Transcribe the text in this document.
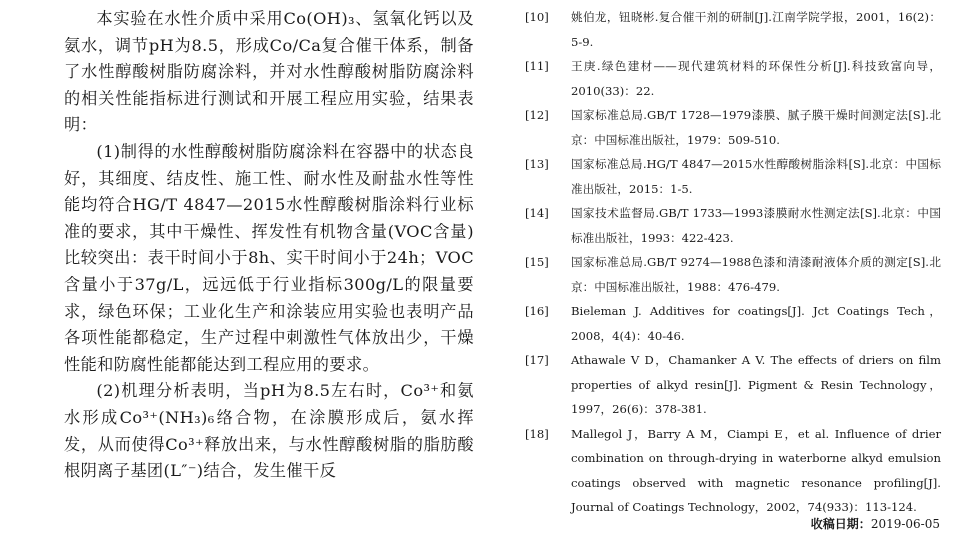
本实验在水性介质中采用Co(OH)₃、氢氧化钙以及氨水，调节pH为8.5，形成Co/Ca复合催干体系，制备了水性醇酸树脂防腐涂料，并对水性醇酸树脂防腐涂料的相关性能指标进行测试和开展工程应用实验，结果表明：

(1)制得的水性醇酸树脂防腐涂料在容器中的状态良好，其细度、结皮性、施工性、耐水性及耐盐水性等性能均符合HG/T 4847—2015水性醇酸树脂涂料行业标准的要求，其中干燥性、挥发性有机物含量(VOC含量)比较突出：表干时间小于8h、实干时间小于24h；VOC含量小于37g/L，远远低于行业指标300g/L的限量要求，绿色环保；工业化生产和涂装应用实验也表明产品各项性能都稳定，生产过程中刺激性气体放出少，干燥性能和防腐性能都能达到工程应用的要求。

(2)机理分析表明，当pH为8.5左右时，Co³⁺和氨水形成Co³⁺(NH₃)₆络合物，在涂膜形成后，氨水挥发，从而使得Co³⁺释放出来，与水性醇酸树脂的脂肪酸根阴离子基团(L″⁻)结合，发生催干反

[10]	姚伯龙，钮晓彬.复合催干剂的研制[J].江南学院学报，2001，16(2)：5-9.
[11]	王庚.绿色建材——现代建筑材料的环保性分析[J].科技致富向导，2010(33)：22.
[12]	国家标准总局.GB/T 1728—1979漆膜、腻子膜干燥时间测定法[S].北京：中国标准出版社，1979：509-510.
[13]	国家标准总局.HG/T 4847—2015水性醇酸树脂涂料[S].北京：中国标准出版社，2015：1-5.
[14]	国家技术监督局.GB/T 1733—1993漆膜耐水性测定法[S].北京：中国标准出版社，1993：422-423.
[15]	国家标准总局.GB/T 9274—1988色漆和清漆耐液体介质的测定[S].北京：中国标准出版社，1988：476-479.
[16]	Bieleman J. Additives for coatings[J]. Jct Coatings Tech，2008，4(4)：40-46.
[17]	Athawale V D，Chamanker A V. The effects of driers on film properties of alkyd resin[J]. Pigment & Resin Technology，1997，26(6)：378-381.
[18]	Mallegol J，Barry A M，Ciampi E，et al. Influence of drier combination on through-drying in waterborne alkyd emulsion coatings observed with magnetic resonance profiling[J]. Journal of Coatings Technology，2002，74(933)：113-124.
收稿日期：2019-06-05
